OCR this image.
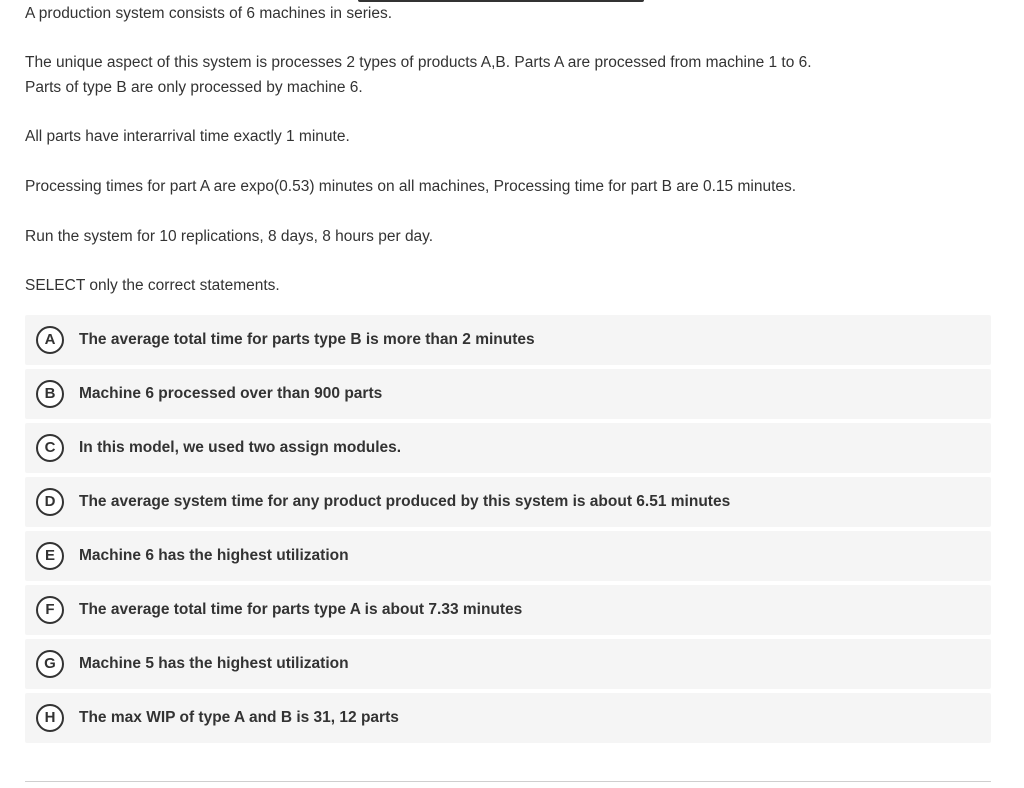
A production system consists of 6 machines in series.

The unique aspect of this system is processes 2 types of products A,B. Parts A are processed from machine 1 to 6.

Parts of type B are only processed by machine 6.

All parts have interarrival time exactly 1 minute.

Processing times for part A are expo(0.53) minutes on all machines, Processing time for part B are 0.15 minutes.

Run the system for 10 replications, 8 days, 8 hours per day.

SELECT only the correct statements.

A	The average total time for parts type B is more than 2 minutes
B	Machine 6 processed over than 900 parts
C	In this model, we used two assign modules.
D	The average system time for any product produced by this system is about 6.51 minutes
E	Machine 6 has the highest utilization
F	The average total time for parts type A is about 7.33 minutes
G	Machine 5 has the highest utilization
H	The max WIP of type A and B is 31, 12 parts
